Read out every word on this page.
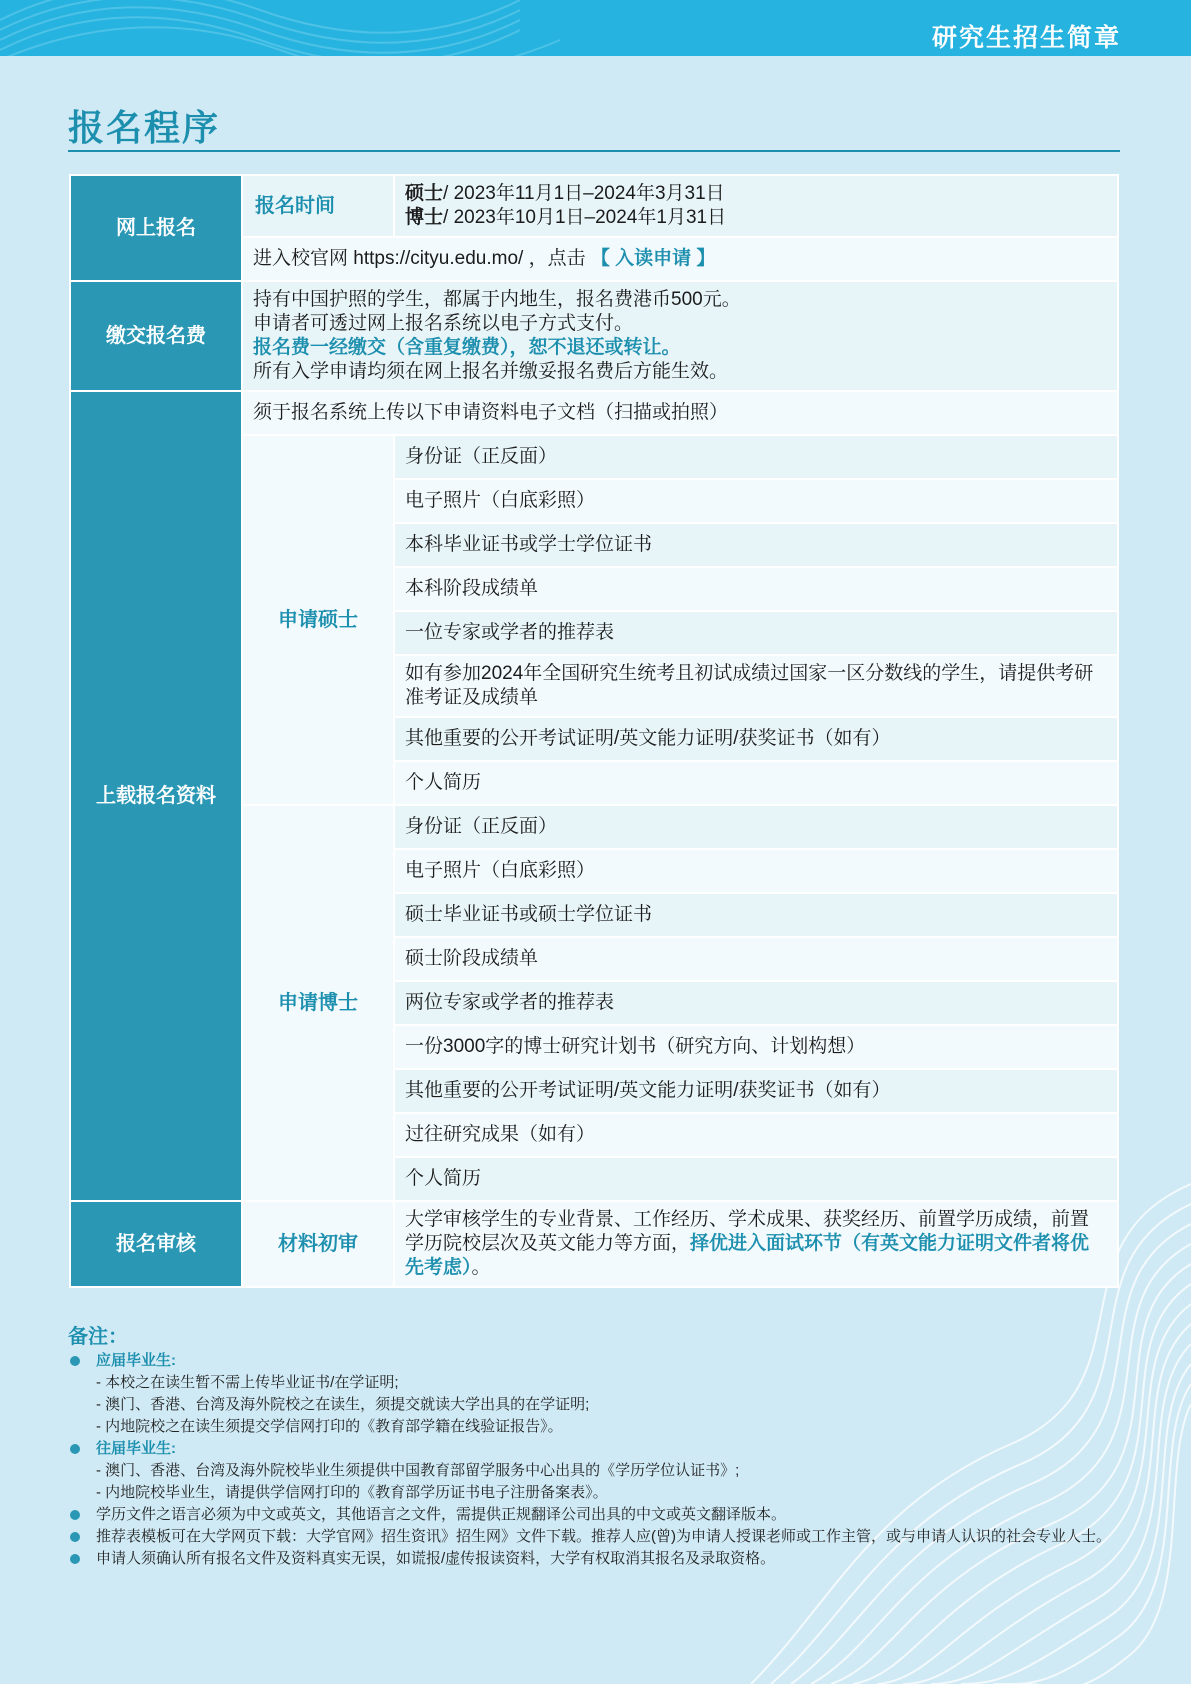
研究生招生简章
报名程序
网上报名	报名时间	硕士/ 2023年11月1日–2024年3月31日
博士/ 2023年10月1日–2024年1月31日

	进入校官网 https://cityu.edu.mo/ ，点击 【 入读申请 】	
缴交报名费	持有中国护照的学生，都属于内地生，报名费港币500元。
申请者可透过网上报名系统以电子方式支付。
报名费一经缴交（含重复缴费），恕不退还或转让。
所有入学申请均须在网上报名并缴妥报名费后方能生效。	

上载报名资料	须于报名系统上传以下申请资料电子文档（扫描或拍照）	
	申请硕士	身份证（正反面）
		电子照片（白底彩照）
		本科毕业证书或学士学位证书
		本科阶段成绩单
		一位专家或学者的推荐表
		如有参加2024年全国研究生统考且初试成绩过国家一区分数线的学生，请提供考研准考证及成绩单
		其他重要的公开考试证明/英文能力证明/获奖证书（如有）
		个人简历
	申请博士	身份证（正反面）
		电子照片（白底彩照）
		硕士毕业证书或硕士学位证书
		硕士阶段成绩单
		两位专家或学者的推荐表
		一份3000字的博士研究计划书（研究方向、计划构想）
		其他重要的公开考试证明/英文能力证明/获奖证书（如有）
		过往研究成果（如有）
		个人简历
报名审核	材料初审	大学审核学生的专业背景、工作经历、学术成果、获奖经历、前置学历成绩，前置学历院校层次及英文能力等方面，择优进入面试环节（有英文能力证明文件者将优先考虑）。
备注：
应届毕业生:
- 本校之在读生暂不需上传毕业证书/在学证明;
- 澳门、香港、台湾及海外院校之在读生，须提交就读大学出具的在学证明;
- 内地院校之在读生须提交学信网打印的《教育部学籍在线验证报告》。
往届毕业生:
- 澳门、香港、台湾及海外院校毕业生须提供中国教育部留学服务中心出具的《学历学位认证书》;
- 内地院校毕业生，请提供学信网打印的《教育部学历证书电子注册备案表》。
学历文件之语言必须为中文或英文，其他语言之文件，需提供正规翻译公司出具的中文或英文翻译版本。
推荐表模板可在大学网页下载：大学官网》招生资讯》招生网》文件下载。推荐人应(曾)为申请人授课老师或工作主管，或与申请人认识的社会专业人士。
申请人须确认所有报名文件及资料真实无误，如谎报/虚传报读资料，大学有权取消其报名及录取资格。
